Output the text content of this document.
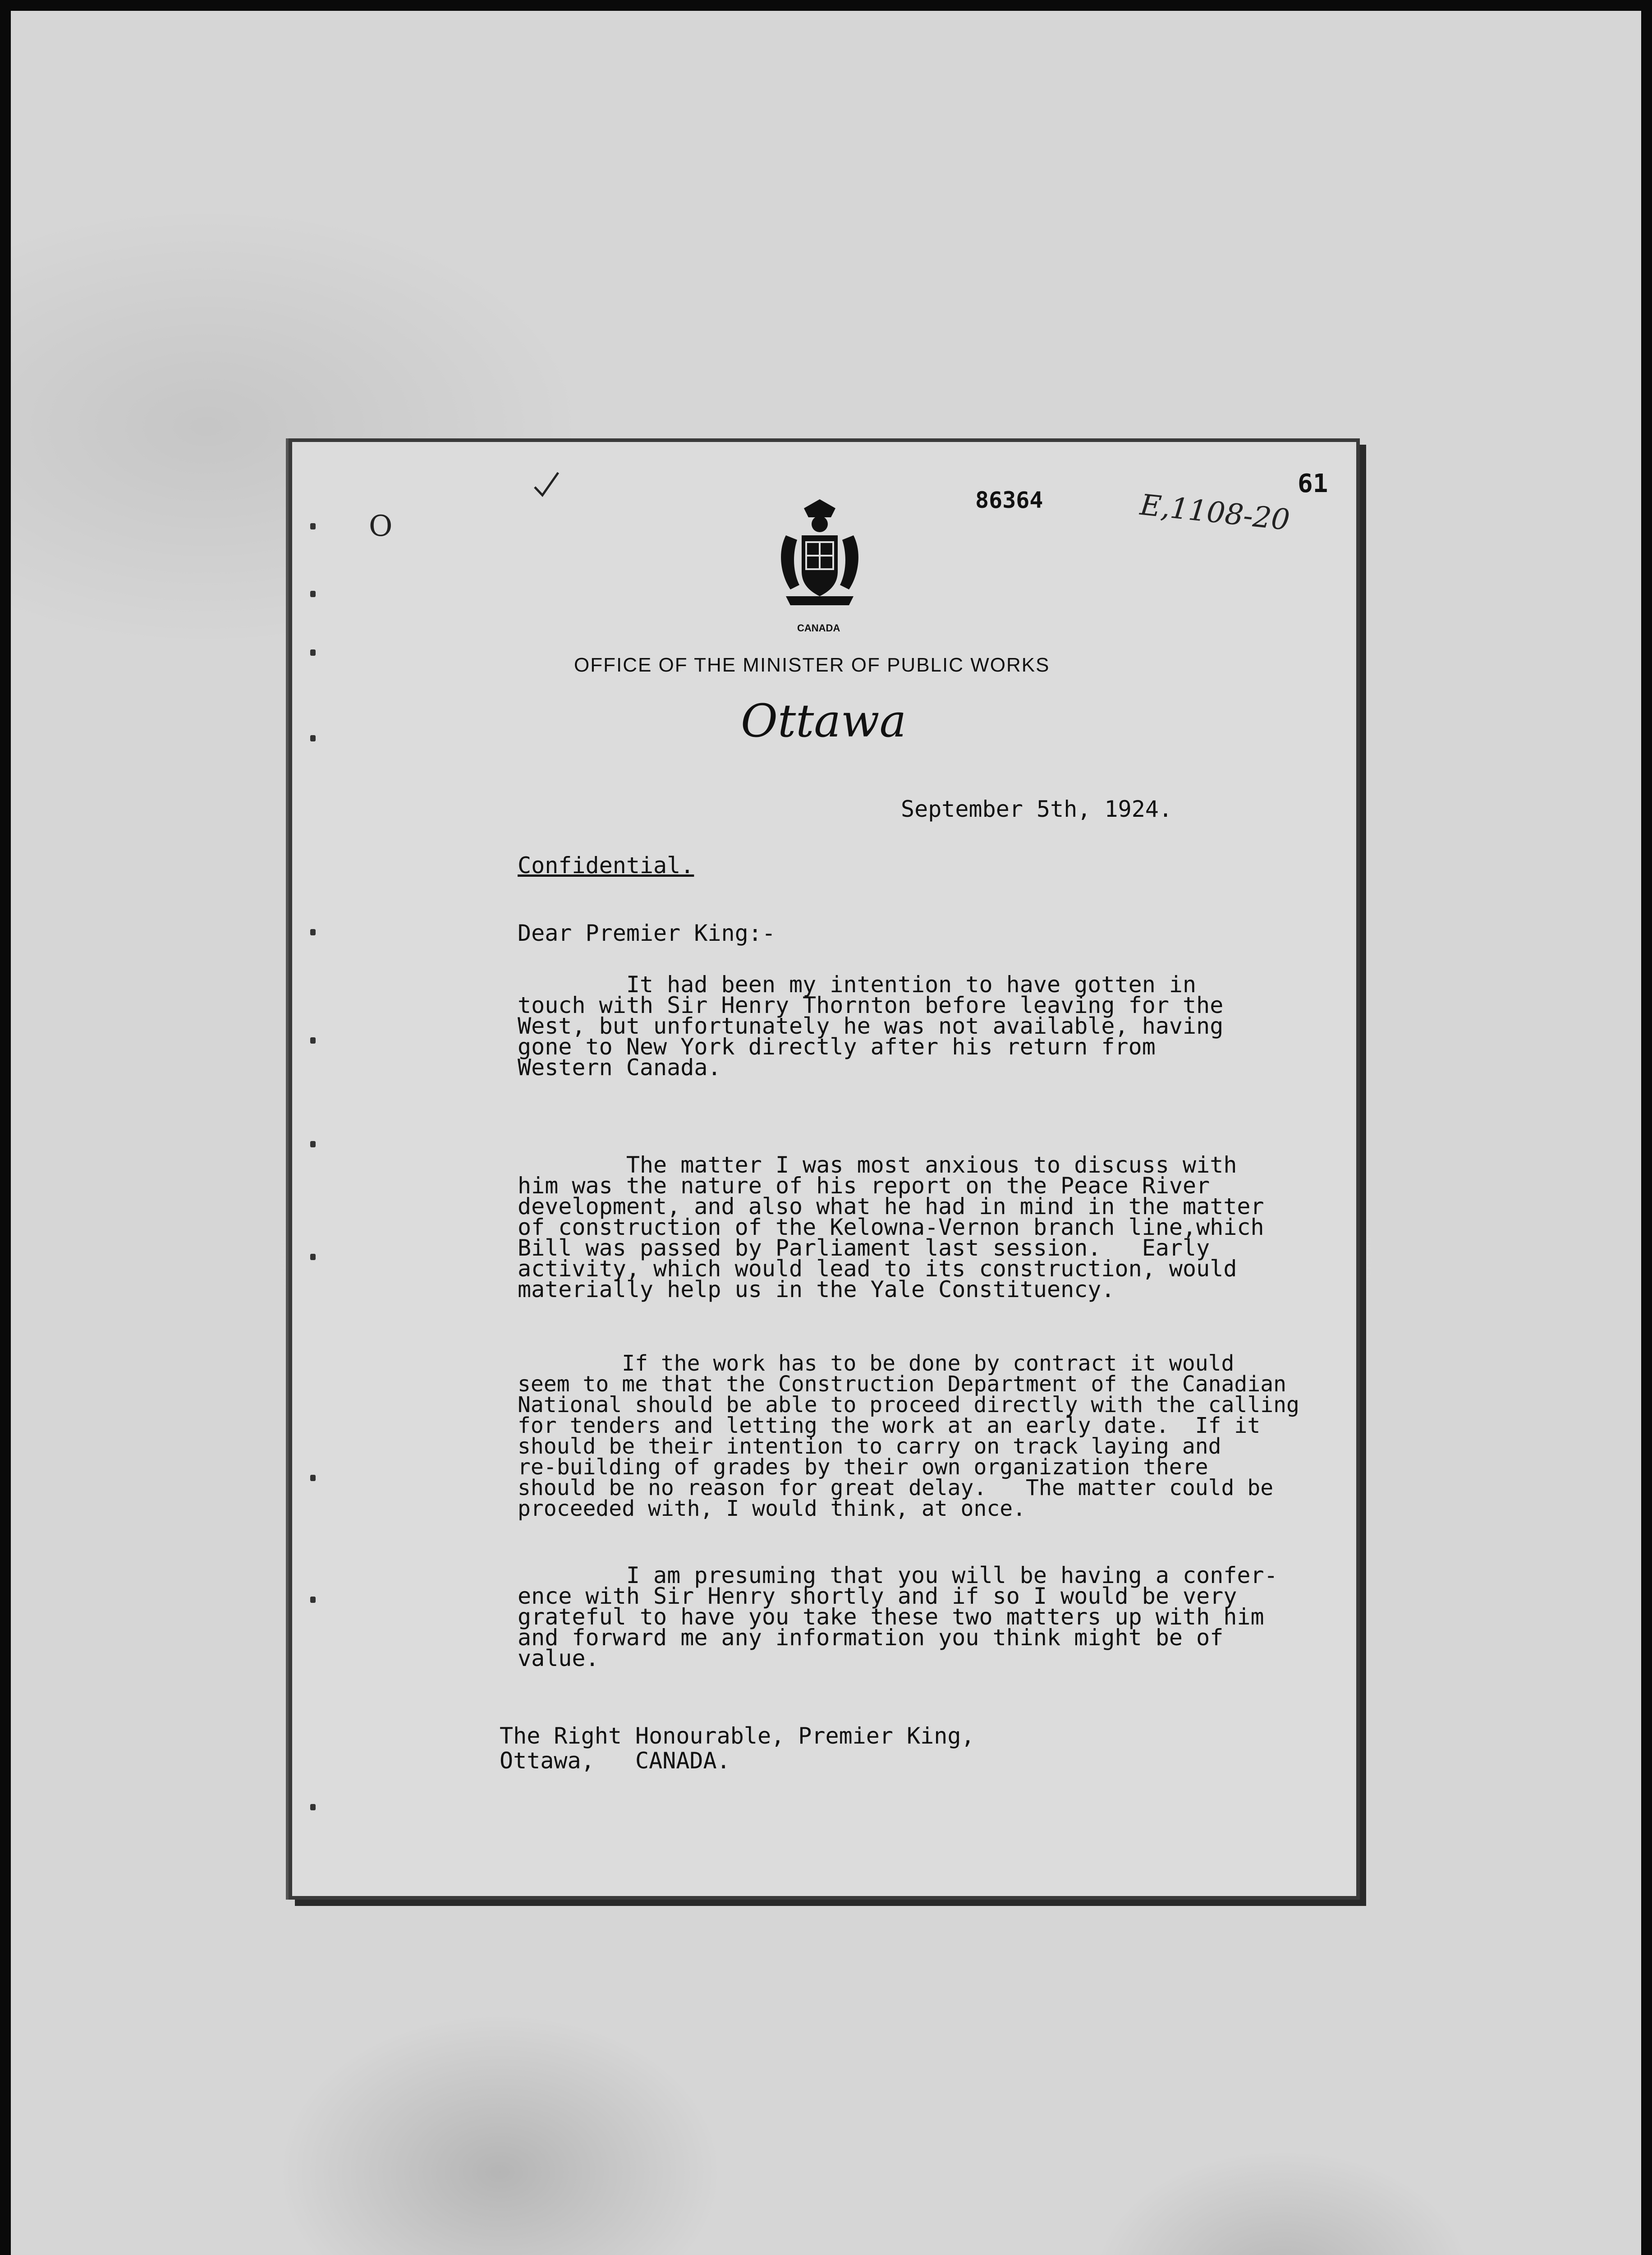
O
86364	E,1108-20
61
CANADA
OFFICE OF THE MINISTER OF PUBLIC WORKS
Ottawa
September 5th, 1924.
Confidential.
Dear Premier King:-
It had been my intention to have gotten in
touch with Sir Henry Thornton before leaving for the
West, but unfortunately he was not available, having
gone to New York directly after his return from
Western Canada.
The matter I was most anxious to discuss with
him was the nature of his report on the Peace River
development, and also what he had in mind in the matter
of construction of the Kelowna-Vernon branch line,which
Bill was passed by Parliament last session.   Early
activity, which would lead to its construction, would
materially help us in the Yale Constituency.
If the work has to be done by contract it would
seem to me that the Construction Department of the Canadian
National should be able to proceed directly with the calling
for tenders and letting the work at an early date.  If it
should be their intention to carry on track laying and
re-building of grades by their own organization there
should be no reason for great delay.   The matter could be
proceeded with, I would think, at once.
I am presuming that you will be having a confer-
ence with Sir Henry shortly and if so I would be very
grateful to have you take these two matters up with him
and forward me any information you think might be of
value.
The Right Honourable, Premier King,
Ottawa,   CANADA.
